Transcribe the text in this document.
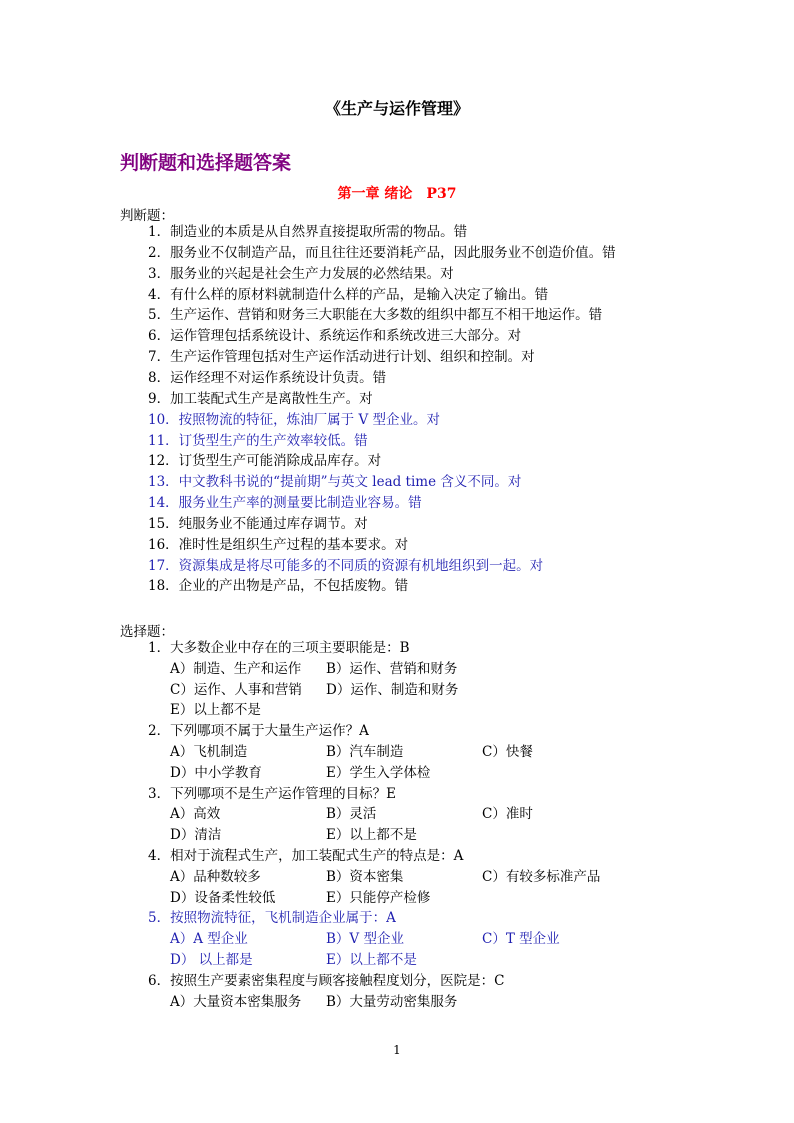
《生产与运作管理》
判断题和选择题答案
第一章 绪论　P37
判断题：
1．制造业的本质是从自然界直接提取所需的物品。错
2．服务业不仅制造产品，而且往往还要消耗产品，因此服务业不创造价值。错
3．服务业的兴起是社会生产力发展的必然结果。对
4．有什么样的原材料就制造什么样的产品，是输入决定了输出。错
5．生产运作、营销和财务三大职能在大多数的组织中都互不相干地运作。错
6．运作管理包括系统设计、系统运作和系统改进三大部分。对
7．生产运作管理包括对生产运作活动进行计划、组织和控制。对
8．运作经理不对运作系统设计负责。错
9．加工装配式生产是离散性生产。对
10．按照物流的特征，炼油厂属于 V 型企业。对
11．订货型生产的生产效率较低。错
12．订货型生产可能消除成品库存。对
13．中文教科书说的“提前期”与英文 lead time 含义不同。对
14．服务业生产率的测量要比制造业容易。错
15．纯服务业不能通过库存调节。对
16．准时性是组织生产过程的基本要求。对
17．资源集成是将尽可能多的不同质的资源有机地组织到一起。对
18．企业的产出物是产品，不包括废物。错
选择题：
1．大多数企业中存在的三项主要职能是：B
A）制造、生产和运作 B）运作、营销和财务
C）运作、人事和营销 D）运作、制造和财务
E）以上都不是
2．下列哪项不属于大量生产运作？A
A）飞机制造	B）汽车制造	C）快餐
D）中小学教育	E）学生入学体检
3．下列哪项不是生产运作管理的目标？E
A）高效	B）灵活	C）准时
D）清洁	E）以上都不是
4．相对于流程式生产，加工装配式生产的特点是：A
A）品种数较多	B）资本密集	C）有较多标准产品
D）设备柔性较低	E）只能停产检修
5．按照物流特征，飞机制造企业属于：A
A）A 型企业	B）V 型企业	C）T 型企业
D） 以上都是	E）以上都不是
6．按照生产要素密集程度与顾客接触程度划分，医院是：C
A）大量资本密集服务 B）大量劳动密集服务
1
